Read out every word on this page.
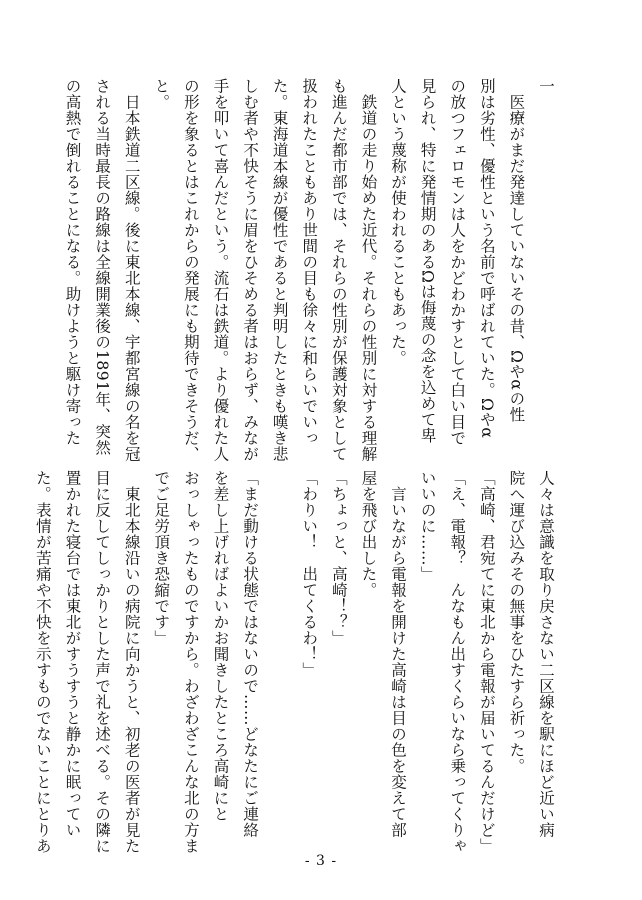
一
　医療がまだ発達していないその昔、Ωやαの性
別は劣性、優性という名前で呼ばれていた。Ωやα
の放つフェロモンは人をかどわかすとして白い目で
見られ、特に発情期のあるΩは侮蔑の念を込めて卑
人という蔑称が使われることもあった。
　鉄道の走り始めた近代。それらの性別に対する理解
も進んだ都市部では、それらの性別が保護対象として
扱われたこともあり世間の目も徐々に和らいでいっ
た。東海道本線が優性であると判明したときも嘆き悲
しむ者や不快そうに眉をひそめる者はおらず、みなが
手を叩いて喜んだという。流石は鉄道。より優れた人
の形を象るとはこれからの発展にも期待できそうだ、
と。
　日本鉄道二区線。後に東北本線、宇都宮線の名を冠
される当時最長の路線は全線開業後の1891年、突然
の高熱で倒れることになる。助けようと駆け寄った
人々は意識を取り戻さない二区線を駅にほど近い病
院へ運び込みその無事をひたすら祈った。
「高崎、君宛てに東北から電報が届いてるんだけど」
「え、電報？　んなもん出すくらいなら乗ってくりゃ
いいのに……」
　言いながら電報を開けた高崎は目の色を変えて部
屋を飛び出した。
「ちょっと、高崎！？」
「わりい！　出てくるわ！」

「まだ動ける状態ではないので……どなたにご連絡
を差し上げればよいかお聞きしたところ高崎にと
おっしゃったものですから。わざわざこんな北の方ま
でご足労頂き恐縮です」
　東北本線沿いの病院に向かうと、初老の医者が見た
目に反してしっかりとした声で礼を述べる。その隣に
置かれた寝台では東北がすうすうと静かに眠ってい
た。表情が苦痛や不快を示すものでないことにとりあ
- 3 -
